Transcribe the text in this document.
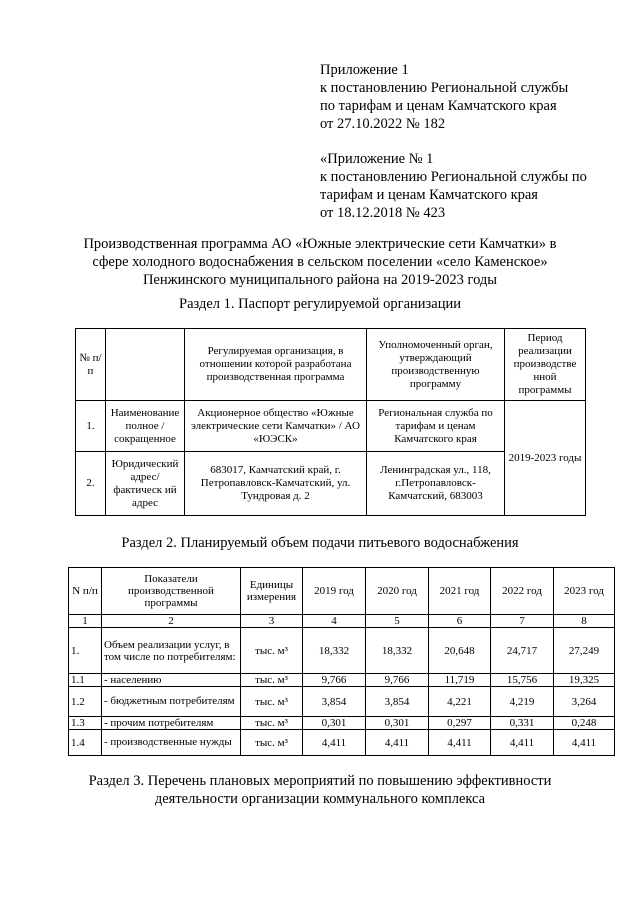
Приложение 1
к постановлению Региональной службы
по тарифам и ценам Камчатского края
от 27.10.2022 № 182
«Приложение № 1
к постановлению Региональной службы по
тарифам и ценам Камчатского края
от 18.12.2018 № 423
Производственная программа АО «Южные электрические сети Камчатки» в
сфере холодного водоснабжения в сельском поселении «село Каменское»
Пенжинского муниципального района на 2019-2023 годы
Раздел 1. Паспорт регулируемой организации
№ п/п		Регулируемая организация, в отношении которой разработана производственная программа	Уполномоченный орган, утверждающий производственную программу	Период реализации производстве нной программы
1.	Наименование полное / сокращенное	Акционерное общество «Южные электрические сети Камчатки» / АО «ЮЭСК»	Региональная служба по тарифам и ценам Камчатского края	2019-2023 годы
2.	Юридический адрес/фактическ ий адрес	683017, Камчатский край, г. Петропавловск-Камчатский, ул. Тундровая д. 2	Ленинградская ул., 118, г.Петропавловск-Камчатский, 683003	
Раздел 2. Планируемый объем подачи питьевого водоснабжения
N п/п	Показатели производственной программы	Единицы измерения	2019 год	2020 год	2021 год	2022 год	2023 год
1	2	3	4	5	6	7	8
1.	Объем реализации услуг, в том числе по потребителям:	тыс. м³	18,332	18,332	20,648	24,717	27,249
1.1	- населению	тыс. м³	9,766	9,766	11,719	15,756	19,325
1.2	- бюджетным потребителям	тыс. м³	3,854	3,854	4,221	4,219	3,264
1.3	- прочим потребителям	тыс. м³	0,301	0,301	0,297	0,331	0,248
1.4	- производственные нужды	тыс. м³	4,411	4,411	4,411	4,411	4,411
Раздел 3. Перечень плановых мероприятий по повышению эффективности
деятельности организации коммунального комплекса
